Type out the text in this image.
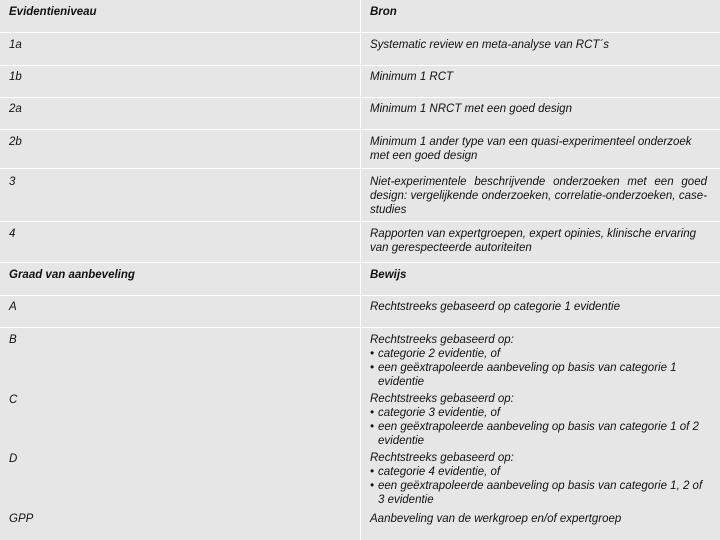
Evidentieniveau	Bron
1a	Systematic review en meta-analyse van RCT´s
1b	Minimum 1 RCT
2a	Minimum 1 NRCT met een goed design
2b	Minimum 1 ander type van een quasi-experimenteel onderzoek met een goed design
3	Niet-experimentele beschrijvende onderzoeken met een goed design: vergelijkende onderzoeken, correlatie-onderzoeken, case-studies
4	Rapporten van expertgroepen, expert opinies, klinische ervaring van gerespecteerde autoriteiten
Graad van aanbeveling	Bewijs
A	Rechtstreeks gebaseerd op categorie 1 evidentie
B	Rechtstreeks gebaseerd op:
• categorie 2 evidentie, of
• een geëxtrapoleerde aanbeveling op basis van categorie 1 evidentie
C	Rechtstreeks gebaseerd op:
• categorie 3 evidentie, of
• een geëxtrapoleerde aanbeveling op basis van categorie 1 of 2 evidentie
D	Rechtstreeks gebaseerd op:
• categorie 4 evidentie, of
• een geëxtrapoleerde aanbeveling op basis van categorie 1, 2 of 3 evidentie
GPP	Aanbeveling van de werkgroep en/of expertgroep
